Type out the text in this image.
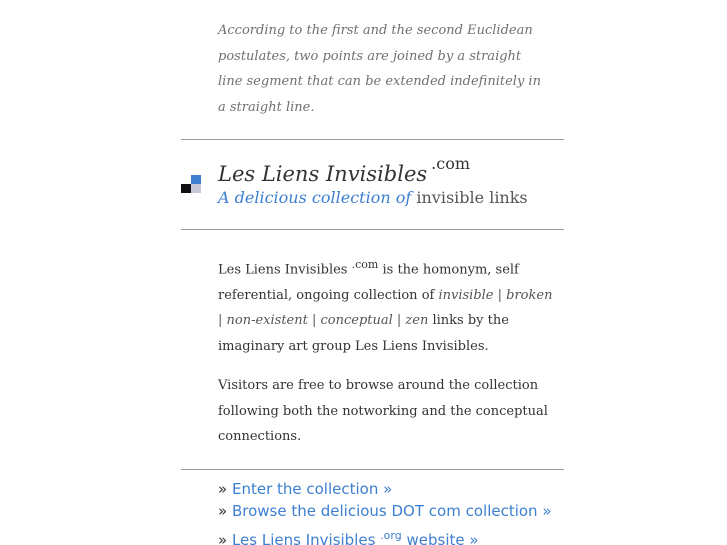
According to the first and the second Euclidean postulates, two points are joined by a straight line segment that can be extended indefinitely in a straight line.

Les Liens Invisibles $^{.com}$

A delicious collection of invisible links

Les Liens Invisibles $^{.com}$ is the homonym, self referential, ongoing collection of invisible | broken | non-existent | conceptual | zen links by the imaginary art group Les Liens Invisibles.

Visitors are free to browse around the collection following both the notworking and the conceptual connections.

» Enter the collection »
» Browse the delicious DOT com collection »
» Les Liens Invisibles $^{.org}$ website »
